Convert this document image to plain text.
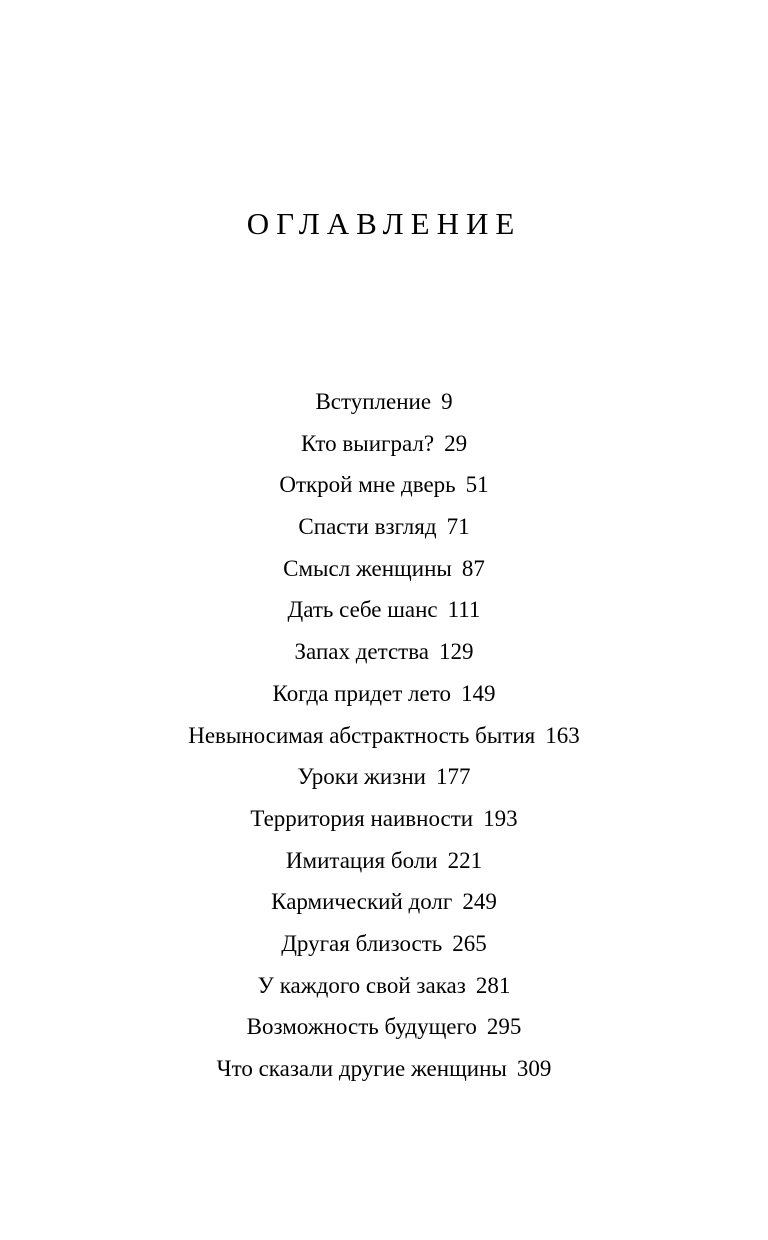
ОГЛАВЛЕНИЕ
Вступление 9
Кто выиграл? 29
Открой мне дверь 51
Спасти взгляд 71
Смысл женщины 87
Дать себе шанс 111
Запах детства 129
Когда придет лето 149
Невыносимая абстрактность бытия 163
Уроки жизни 177
Территория наивности 193
Имитация боли 221
Кармический долг 249
Другая близость 265
У каждого свой заказ 281
Возможность будущего 295
Что сказали другие женщины 309
